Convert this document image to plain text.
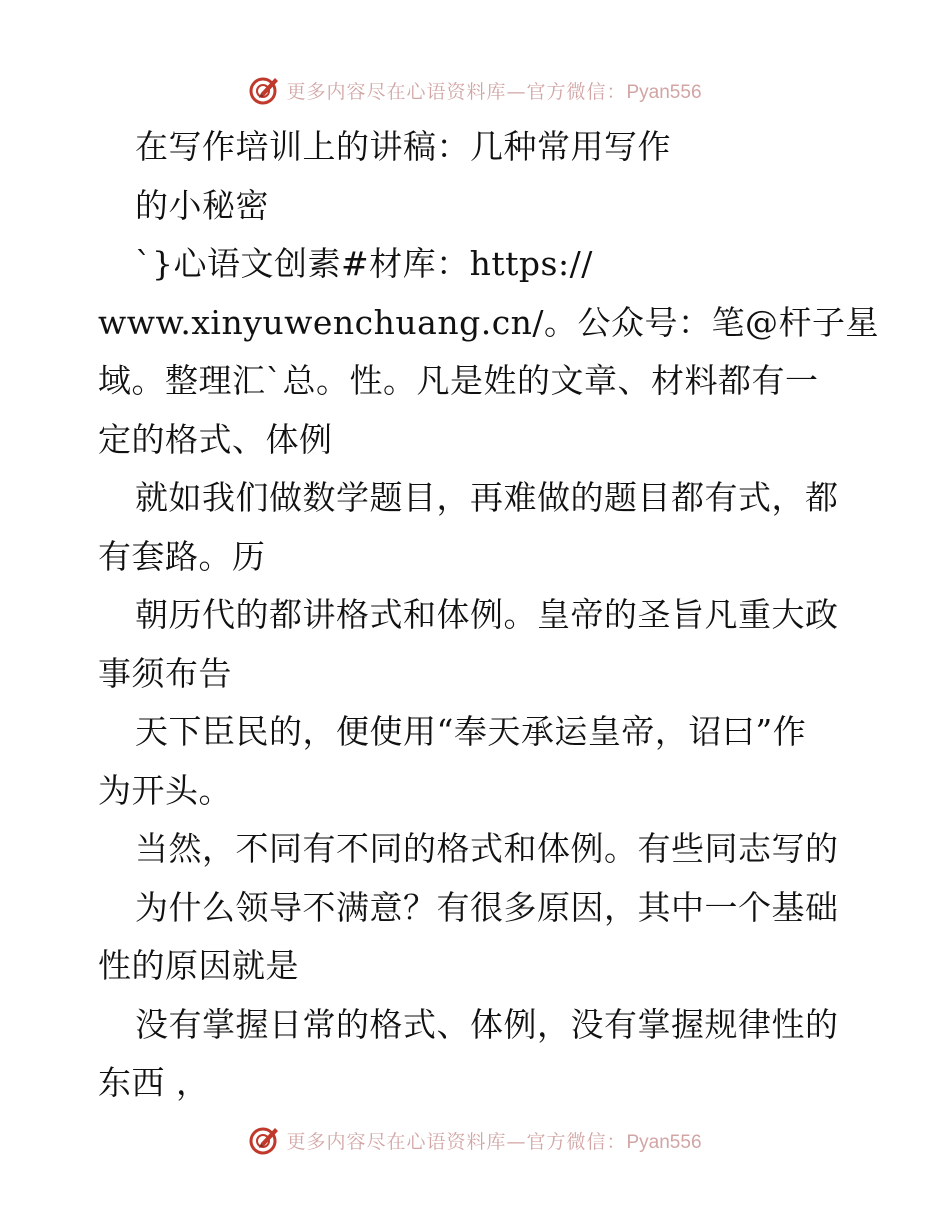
更多内容尽在心语资料库—官方微信：Pyan556
在写作培训上的讲稿：几种常用写作
的小秘密
`}心语文创素#材库：https://
www.xinyuwenchuang.cn/。公众号：笔@杆子星
域。整理汇`总。性。凡是姓的文章、材料都有一
定的格式、体例
就如我们做数学题目，再难做的题目都有式，都
有套路。历
朝历代的都讲格式和体例。皇帝的圣旨凡重大政
事须布告
天下臣民的，便使用“奉天承运皇帝，诏曰”作
为开头。
当然，不同有不同的格式和体例。有些同志写的
为什么领导不满意？有很多原因，其中一个基础
性的原因就是
没有掌握日常的格式、体例，没有掌握规律性的
东西 ，
更多内容尽在心语资料库—官方微信：Pyan556
